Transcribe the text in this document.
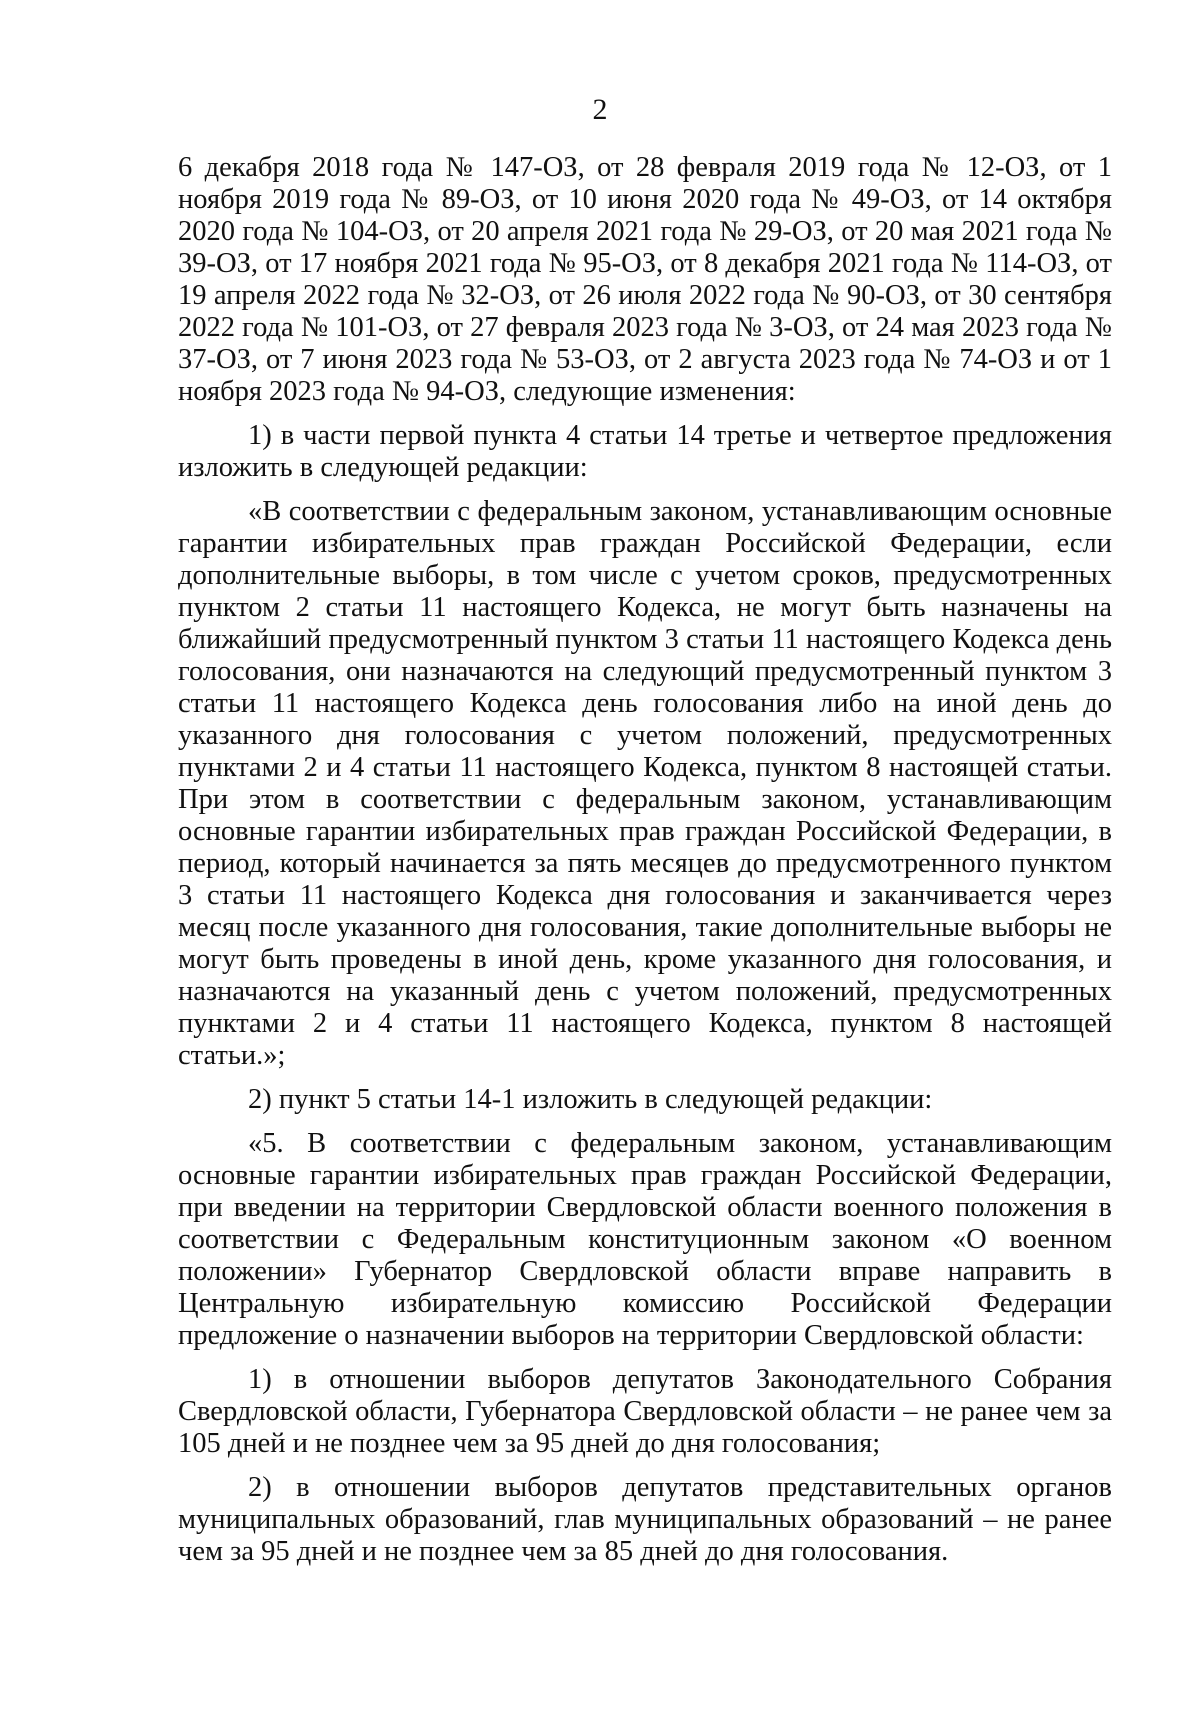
2

6 декабря 2018 года № 147-ОЗ, от 28 февраля 2019 года № 12-ОЗ, от 1 ноября 2019 года № 89-ОЗ, от 10 июня 2020 года № 49-ОЗ, от 14 октября 2020 года № 104-ОЗ, от 20 апреля 2021 года № 29-ОЗ, от 20 мая 2021 года № 39-ОЗ, от 17 ноября 2021 года № 95-ОЗ, от 8 декабря 2021 года № 114-ОЗ, от 19 апреля 2022 года № 32-ОЗ, от 26 июля 2022 года № 90-ОЗ, от 30 сентября 2022 года № 101-ОЗ, от 27 февраля 2023 года № 3-ОЗ, от 24 мая 2023 года № 37-ОЗ, от 7 июня 2023 года № 53-ОЗ, от 2 августа 2023 года № 74-ОЗ и от 1 ноября 2023 года № 94-ОЗ, следующие изменения:

1) в части первой пункта 4 статьи 14 третье и четвертое предложения изложить в следующей редакции:

«В соответствии с федеральным законом, устанавливающим основные гарантии избирательных прав граждан Российской Федерации, если дополнительные выборы, в том числе с учетом сроков, предусмотренных пунктом 2 статьи 11 настоящего Кодекса, не могут быть назначены на ближайший предусмотренный пунктом 3 статьи 11 настоящего Кодекса день голосования, они назначаются на следующий предусмотренный пунктом 3 статьи 11 настоящего Кодекса день голосования либо на иной день до указанного дня голосования с учетом положений, предусмотренных пунктами 2 и 4 статьи 11 настоящего Кодекса, пунктом 8 настоящей статьи. При этом в соответствии с федеральным законом, устанавливающим основные гарантии избирательных прав граждан Российской Федерации, в период, который начинается за пять месяцев до предусмотренного пунктом 3 статьи 11 настоящего Кодекса дня голосования и заканчивается через месяц после указанного дня голосования, такие дополнительные выборы не могут быть проведены в иной день, кроме указанного дня голосования, и назначаются на указанный день с учетом положений, предусмотренных пунктами 2 и 4 статьи 11 настоящего Кодекса, пунктом 8 настоящей статьи.»;

2) пункт 5 статьи 14-1 изложить в следующей редакции:

«5. В соответствии с федеральным законом, устанавливающим основные гарантии избирательных прав граждан Российской Федерации, при введении на территории Свердловской области военного положения в соответствии с Федеральным конституционным законом «О военном положении» Губернатор Свердловской области вправе направить в Центральную избирательную комиссию Российской Федерации предложение о назначении выборов на территории Свердловской области:

1) в отношении выборов депутатов Законодательного Собрания Свердловской области, Губернатора Свердловской области – не ранее чем за 105 дней и не позднее чем за 95 дней до дня голосования;

2) в отношении выборов депутатов представительных органов муниципальных образований, глав муниципальных образований – не ранее чем за 95 дней и не позднее чем за 85 дней до дня голосования.
